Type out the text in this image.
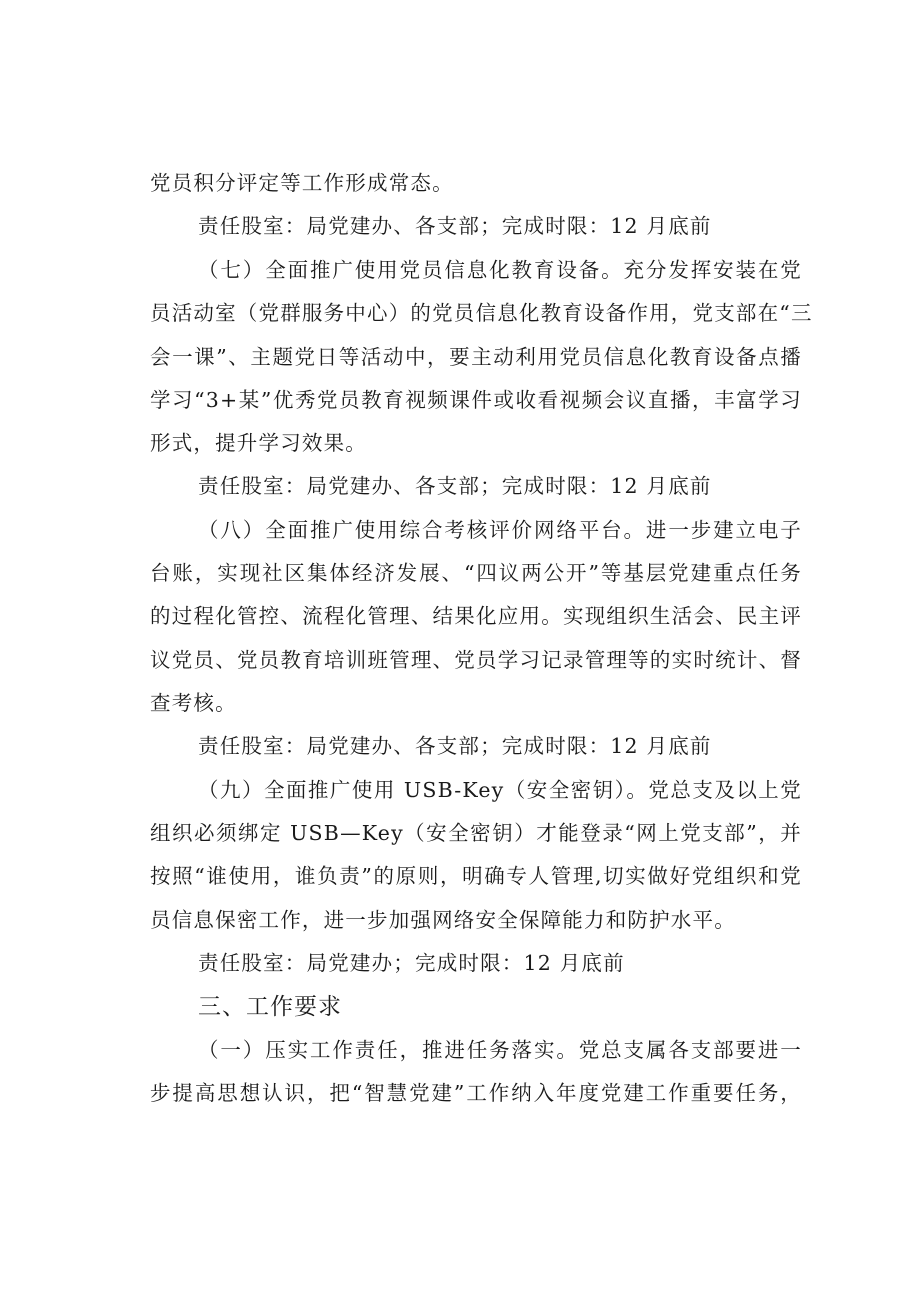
党员积分评定等工作形成常态。
责任股室：局党建办、各支部；完成时限：12 月底前
（七）全面推广使用党员信息化教育设备。充分发挥安装在党
员活动室（党群服务中心）的党员信息化教育设备作用，党支部在“三
会一课”、主题党日等活动中，要主动利用党员信息化教育设备点播
学习“3+某”优秀党员教育视频课件或收看视频会议直播，丰富学习
形式，提升学习效果。
责任股室：局党建办、各支部；完成时限：12 月底前
（八）全面推广使用综合考核评价网络平台。进一步建立电子
台账，实现社区集体经济发展、“四议两公开”等基层党建重点任务
的过程化管控、流程化管理、结果化应用。实现组织生活会、民主评
议党员、党员教育培训班管理、党员学习记录管理等的实时统计、督
查考核。
责任股室：局党建办、各支部；完成时限：12 月底前
（九）全面推广使用 USB-Key（安全密钥）。党总支及以上党
组织必须绑定 USB—Key（安全密钥）才能登录“网上党支部”，并
按照“谁使用，谁负责”的原则，明确专人管理,切实做好党组织和党
员信息保密工作，进一步加强网络安全保障能力和防护水平。
责任股室：局党建办；完成时限：12 月底前
三、工作要求
（一）压实工作责任，推进任务落实。党总支属各支部要进一
步提高思想认识，把“智慧党建”工作纳入年度党建工作重要任务，
